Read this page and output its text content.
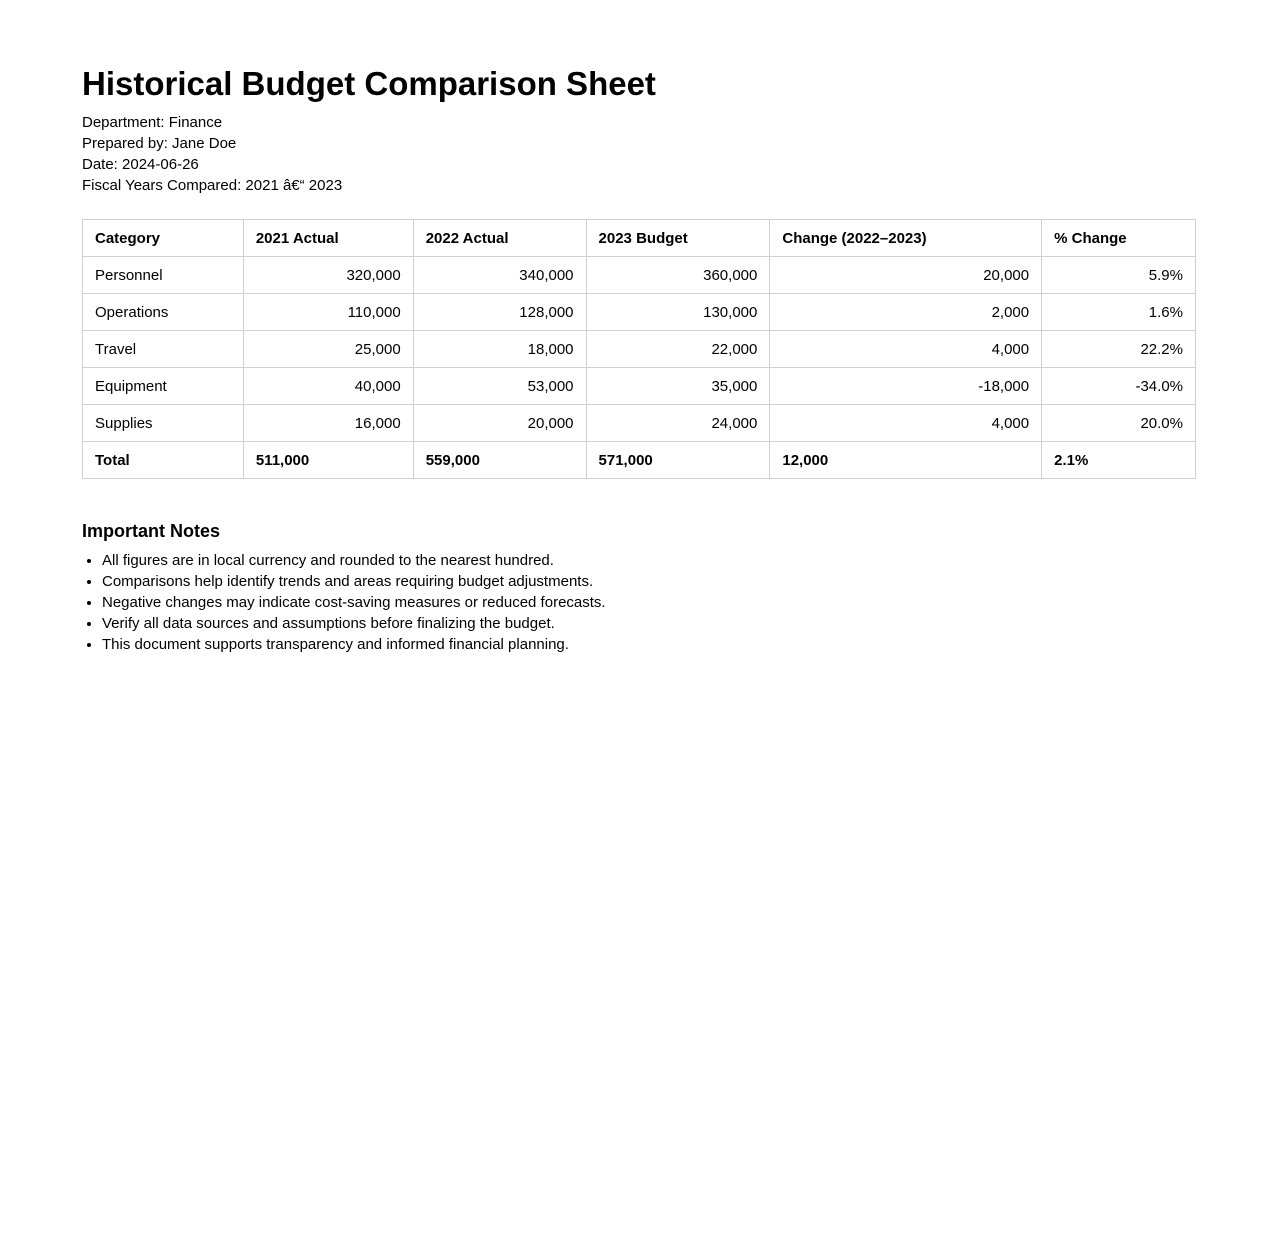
Historical Budget Comparison Sheet
Department: Finance
Prepared by: Jane Doe
Date: 2024-06-26
Fiscal Years Compared: 2021 â€“ 2023
Category	2021 Actual	2022 Actual	2023 Budget	Change (2022–2023)	% Change
Personnel	320,000	340,000	360,000	20,000	5.9%
Operations	110,000	128,000	130,000	2,000	1.6%
Travel	25,000	18,000	22,000	4,000	22.2%
Equipment	40,000	53,000	35,000	-18,000	-34.0%
Supplies	16,000	20,000	24,000	4,000	20.0%
Total	511,000	559,000	571,000	12,000	2.1%
Important Notes
• All figures are in local currency and rounded to the nearest hundred.
• Comparisons help identify trends and areas requiring budget adjustments.
• Negative changes may indicate cost-saving measures or reduced forecasts.
• Verify all data sources and assumptions before finalizing the budget.
• This document supports transparency and informed financial planning.
